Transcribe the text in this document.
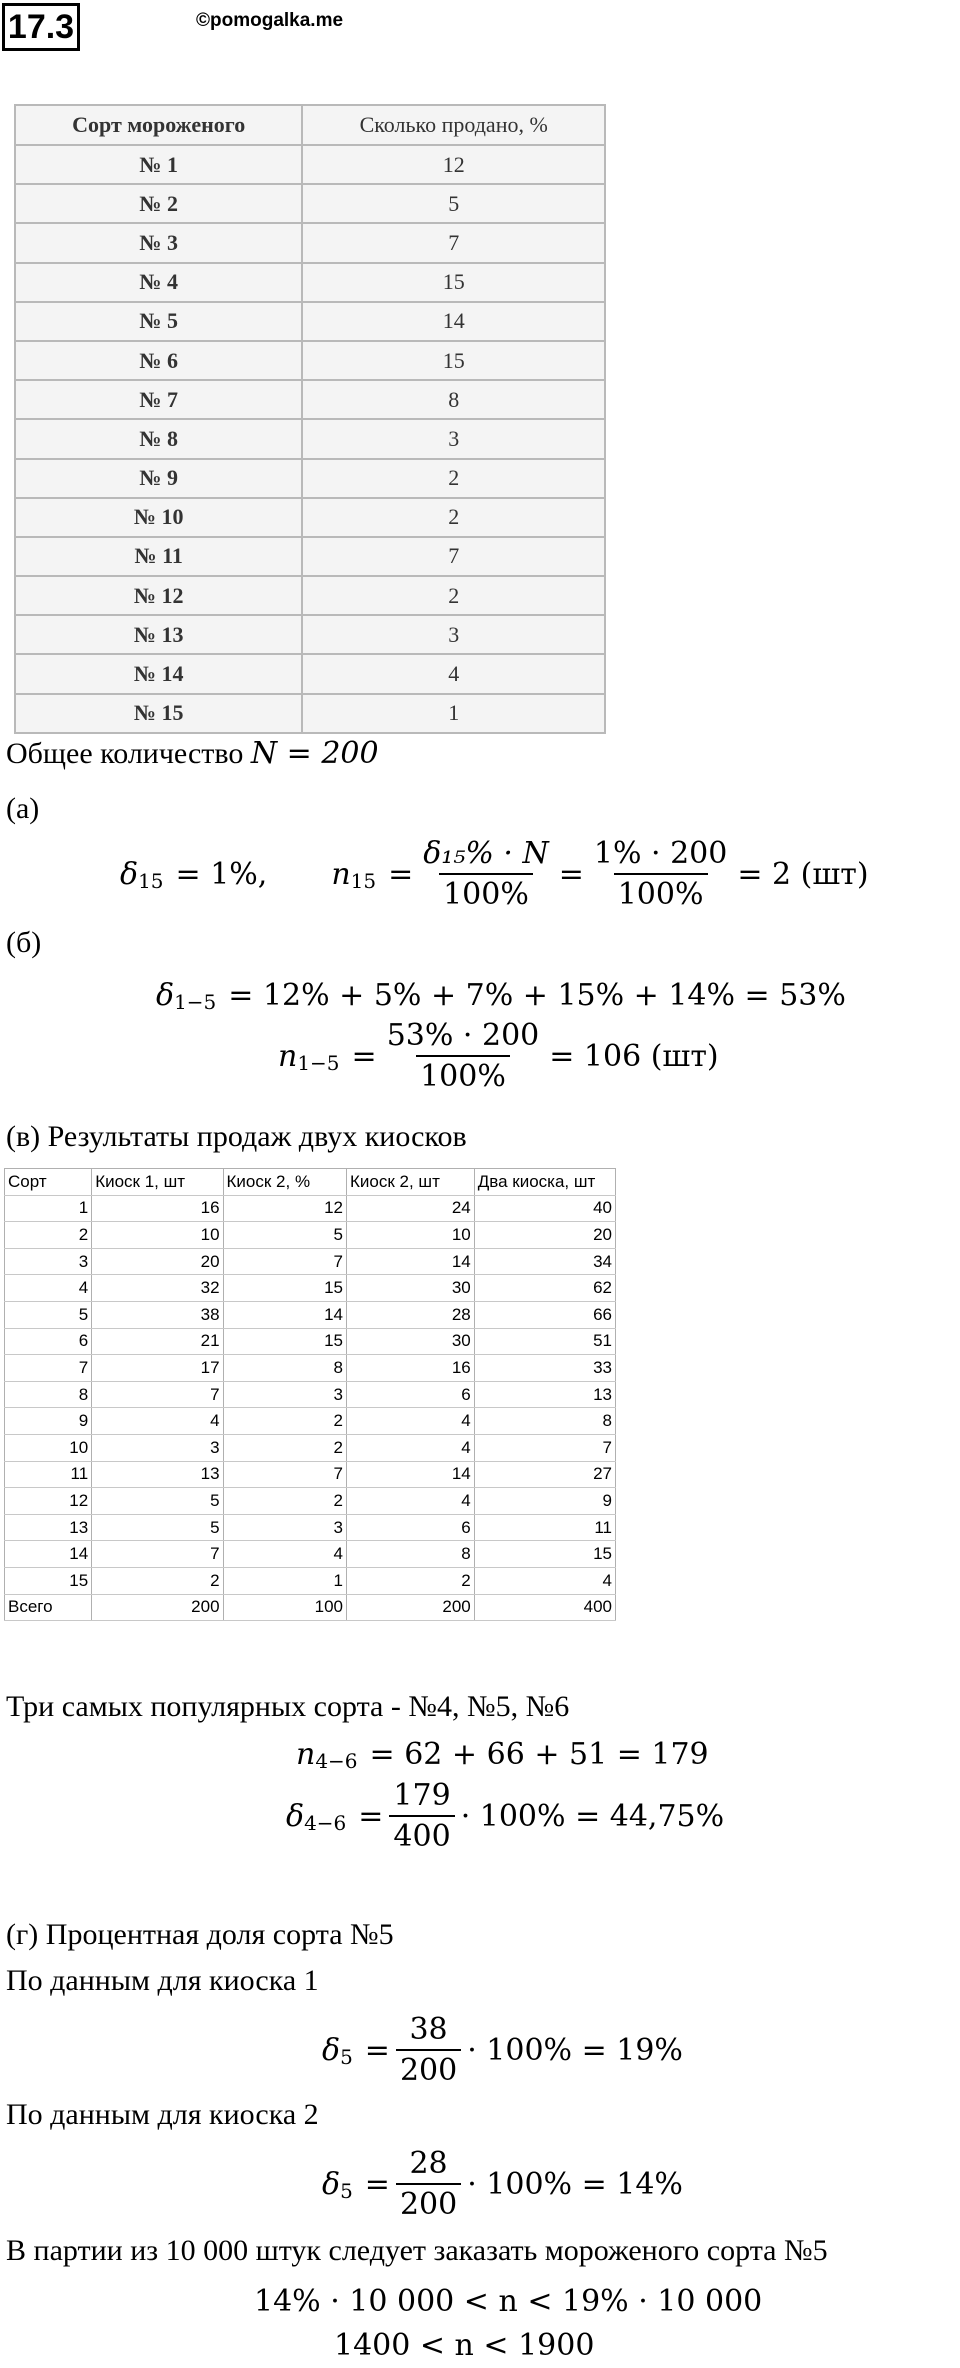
17.3	©pomogalka.me
Сорт мороженого	Сколько продано, %
№ 1	12
№ 2	5
№ 3	7
№ 4	15
№ 5	14
№ 6	15
№ 7	8
№ 8	3
№ 9	2
№ 10	2
№ 11	7
№ 12	2
№ 13	3
№ 14	4
№ 15	1
Общее количество N = 200
(а)
$\delta_{15} = 1\%$, $n_{15} = \frac{\text{δ₁₅\% · N}}{100\%} = \frac{1\% \cdot 200}{100\%} = 2$ (шт)
(б)
$\delta_{1-5} = 12\% + 5\% + 7\% + 15\% + 14\% = 53\%$
$n_{1-5} = \frac{53\% \cdot 200}{100\%} = 106$ (шт)
(в) Результаты продаж двух киосков
Сорт	Киоск 1, шт	Киоск 2, %	Киоск 2, шт	Два киоска, шт
1	16	12	24	40
2	10	5	10	20
3	20	7	14	34
4	32	15	30	62
5	38	14	28	66
6	21	15	30	51
7	17	8	16	33
8	7	3	6	13
9	4	2	4	8
10	3	2	4	7
11	13	7	14	27
12	5	2	4	9
13	5	3	6	11
14	7	4	8	15
15	2	1	2	4
Всего	200	100	200	400
Три самых популярных сорта - №4, №5, №6
$n_{4-6} = 62 + 66 + 51 = 179$
$\delta_{4-6} = \frac{179}{400} \cdot 100\% = 44,75\%$
(г) Процентная доля сорта №5
По данным для киоска 1
$\delta_5 = \frac{38}{200} \cdot 100\% = 19\%$
По данным для киоска 2
$\delta_5 = \frac{28}{200} \cdot 100\% = 14\%$
В партии из 10 000 штук следует заказать мороженого сорта №5
14% · 10 000 < n < 19% · 10 000
1400 < n < 1900
